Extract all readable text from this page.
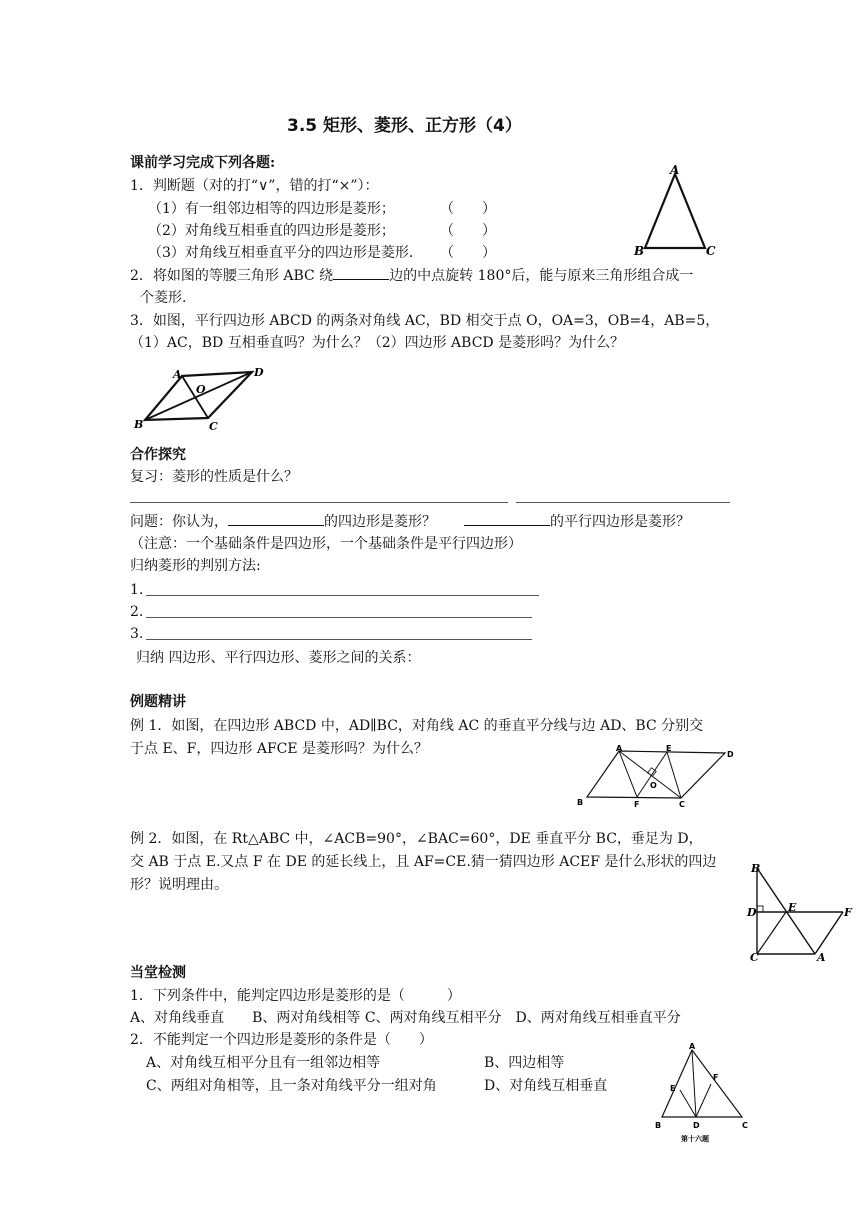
3.5 矩形、菱形、正方形（4）
课前学习完成下列各题:
1．判断题（对的打“∨”，错的打“×”）：
（1）有一组邻边相等的四边形是菱形；	（　　）
（2）对角线互相垂直的四边形是菱形；	（　　）
（3）对角线互相垂直平分的四边形是菱形． （　　）
2．将如图的等腰三角形 ABC 绕	边的中点旋转 180°后，能与原来三角形组合成一
个菱形.
3．如图，平行四边形 ABCD 的两条对角线 AC，BD 相交于点 O，OA=3，OB=4，AB=5，
（1）AC，BD 互相垂直吗？为什么？（2）四边形 ABCD 是菱形吗？为什么？
A
B	C
A	D
O
B	C
合作探究
复习：菱形的性质是什么？
问题：你认为，	的四边形是菱形？	的平行四边形是菱形？
（注意：一个基础条件是四边形，一个基础条件是平行四边形）
归纳菱形的判别方法:
1.
2.
3.
归纳 四边形、平行四边形、菱形之间的关系：
例题精讲
例 1．如图，在四边形 ABCD 中，AD∥BC，对角线 AC 的垂直平分线与边 AD、BC 分别交
于点 E、F，四边形 AFCE 是菱形吗？为什么？	A	E
D
O
B	F	C
例 2．如图，在 Rt△ABC 中，∠ACB=90°，∠BAC=60°，DE 垂直平分 BC，垂足为 D，
交 AB 于点 E.又点 F 在 DE 的延长线上，且 AF=CE.猜一猜四边形 ACEF 是什么形状的四边
形？说明理由。
B
D	E	F
C	A
当堂检测
1．下列条件中，能判定四边形是菱形的是（　　　）
A、对角线垂直　　B、两对角线相等 C、两对角线互相平分　D、两对角线互相垂直平分
2．不能判定一个四边形是菱形的条件是（　　）
A、对角线互相平分且有一组邻边相等	B、四边相等
C、两组对角相等，且一条对角线平分一组对角	D、对角线互相垂直
A
E
F
B	D	C
第十六题
